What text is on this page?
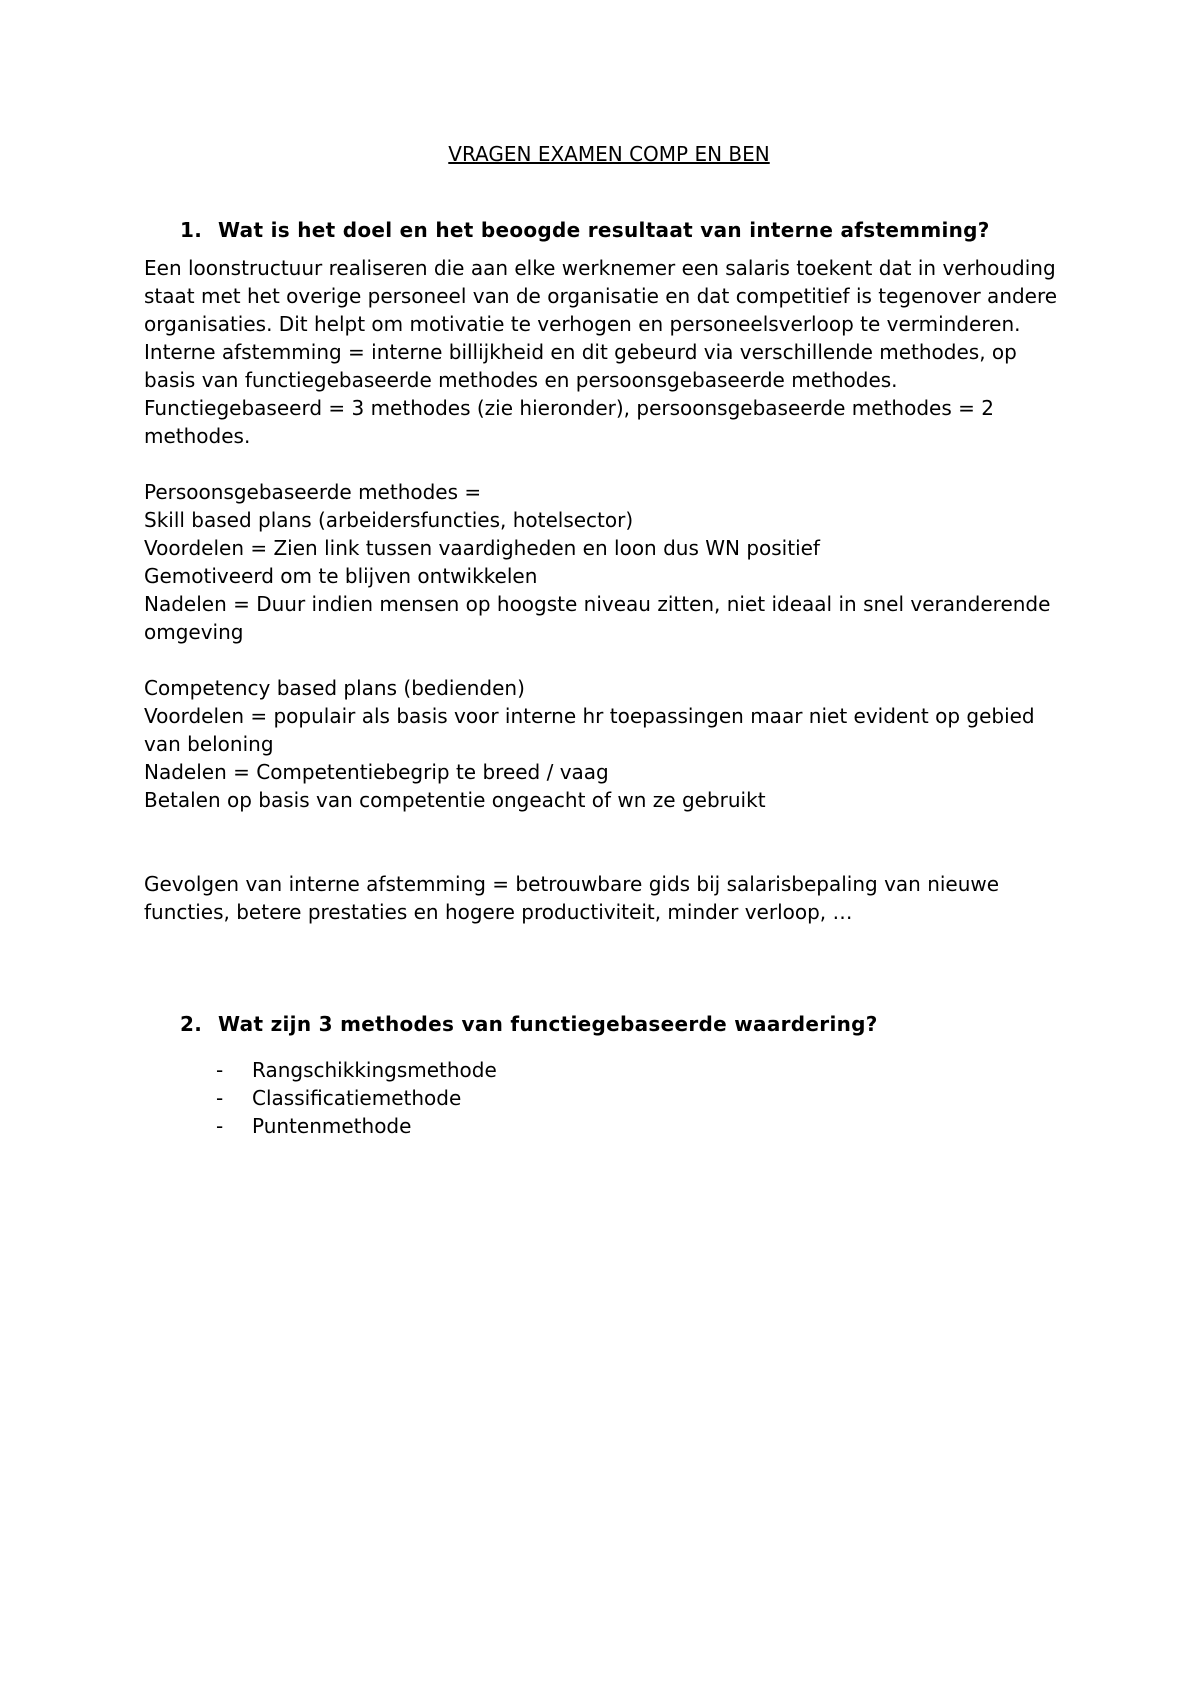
VRAGEN EXAMEN COMP EN BEN
1. Wat is het doel en het beoogde resultaat van interne afstemming?

Een loonstructuur realiseren die aan elke werknemer een salaris toekent dat in verhouding staat met het overige personeel van de organisatie en dat competitief is tegenover andere organisaties. Dit helpt om motivatie te verhogen en personeelsverloop te verminderen. Interne afstemming = interne billijkheid en dit gebeurd via verschillende methodes, op basis van functiegebaseerde methodes en persoonsgebaseerde methodes.

Functiegebaseerd = 3 methodes (zie hieronder), persoonsgebaseerde methodes = 2 methodes.

Persoonsgebaseerde methodes =

Skill based plans (arbeidersfuncties, hotelsector)

Voordelen = Zien link tussen vaardigheden en loon dus WN positief

Gemotiveerd om te blijven ontwikkelen

Nadelen = Duur indien mensen op hoogste niveau zitten, niet ideaal in snel veranderende omgeving

Competency based plans (bedienden)

Voordelen = populair als basis voor interne hr toepassingen maar niet evident op gebied van beloning

Nadelen = Competentiebegrip te breed / vaag

Betalen op basis van competentie ongeacht of wn ze gebruikt

Gevolgen van interne afstemming = betrouwbare gids bij salarisbepaling van nieuwe functies, betere prestaties en hogere productiviteit, minder verloop, …

2. Wat zijn 3 methodes van functiegebaseerde waardering?
- Rangschikkingsmethode
- Classificatiemethode
- Puntenmethode
